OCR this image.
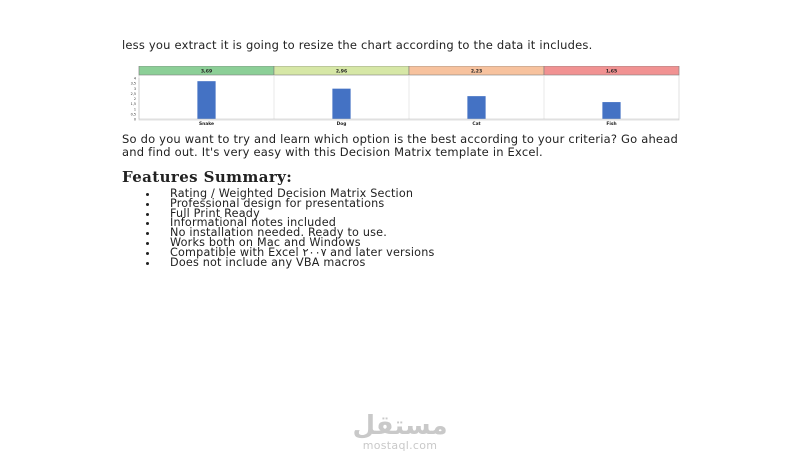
less you extract it is going to resize the chart according to the data it includes.

0
0,5
1
1,5
2
2,5
3
3,5
4
3,69
Snake
2,96
Dog
2,23
Cat
1,65
Fish

So do you want to try and learn which option is the best according to your criteria? Go ahead and find out. It's very easy with this Decision Matrix template in Excel.

Features Summary:
Rating / Weighted Decision Matrix Section
Professional design for presentations
Full Print Ready
Informational notes included
No installation needed. Ready to use.
Works both on Mac and Windows
Compatible with Excel ٢٠٠٧ and later versions
Does not include any VBA macros
مستقل
mostaql.com
